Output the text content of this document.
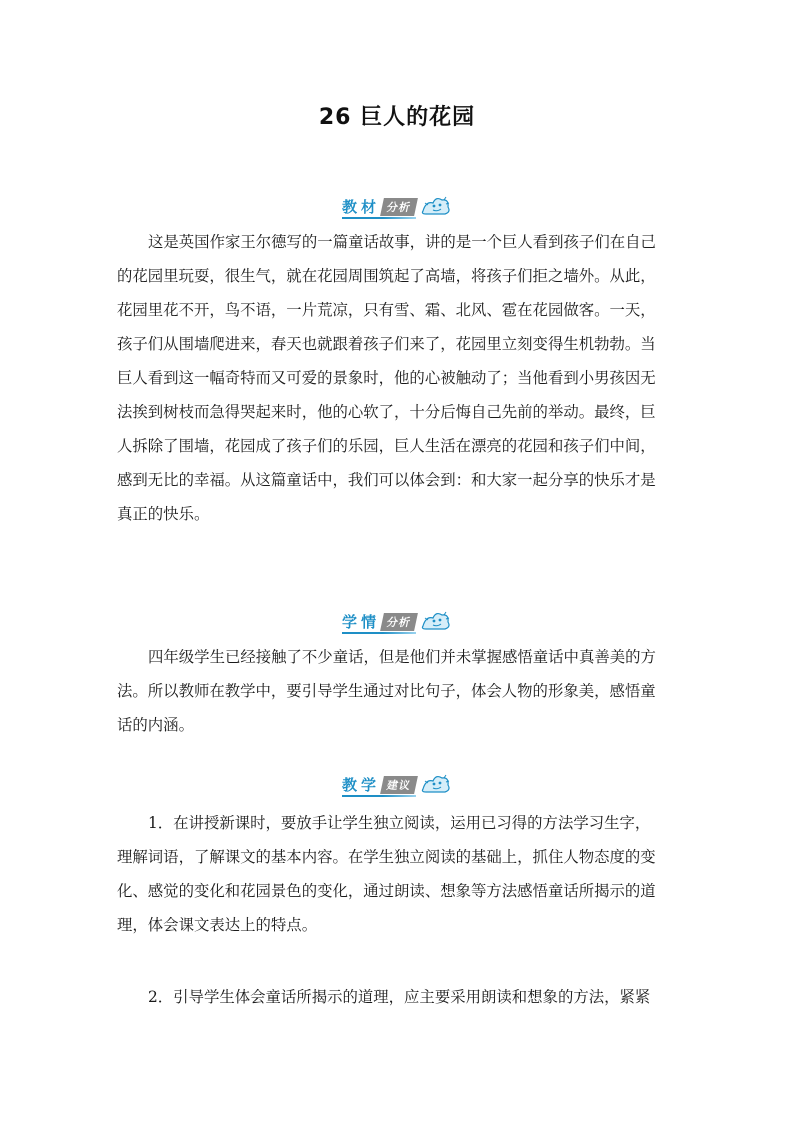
26 巨人的花园
教材 分析
这是英国作家王尔德写的一篇童话故事，讲的是一个巨人看到孩子们在自己
的花园里玩耍，很生气，就在花园周围筑起了高墙，将孩子们拒之墙外。从此，
花园里花不开，鸟不语，一片荒凉，只有雪、霜、北风、雹在花园做客。一天，
孩子们从围墙爬进来，春天也就跟着孩子们来了，花园里立刻变得生机勃勃。当
巨人看到这一幅奇特而又可爱的景象时，他的心被触动了；当他看到小男孩因无
法挨到树枝而急得哭起来时，他的心软了，十分后悔自己先前的举动。最终，巨
人拆除了围墙，花园成了孩子们的乐园，巨人生活在漂亮的花园和孩子们中间，
感到无比的幸福。从这篇童话中，我们可以体会到：和大家一起分享的快乐才是
真正的快乐。
学情 分析
四年级学生已经接触了不少童话，但是他们并未掌握感悟童话中真善美的方
法。所以教师在教学中，要引导学生通过对比句子，体会人物的形象美，感悟童
话的内涵。
教学 建议
1．在讲授新课时，要放手让学生独立阅读，运用已习得的方法学习生字，
理解词语，了解课文的基本内容。在学生独立阅读的基础上，抓住人物态度的变
化、感觉的变化和花园景色的变化，通过朗读、想象等方法感悟童话所揭示的道
理，体会课文表达上的特点。
2．引导学生体会童话所揭示的道理，应主要采用朗读和想象的方法，紧紧
